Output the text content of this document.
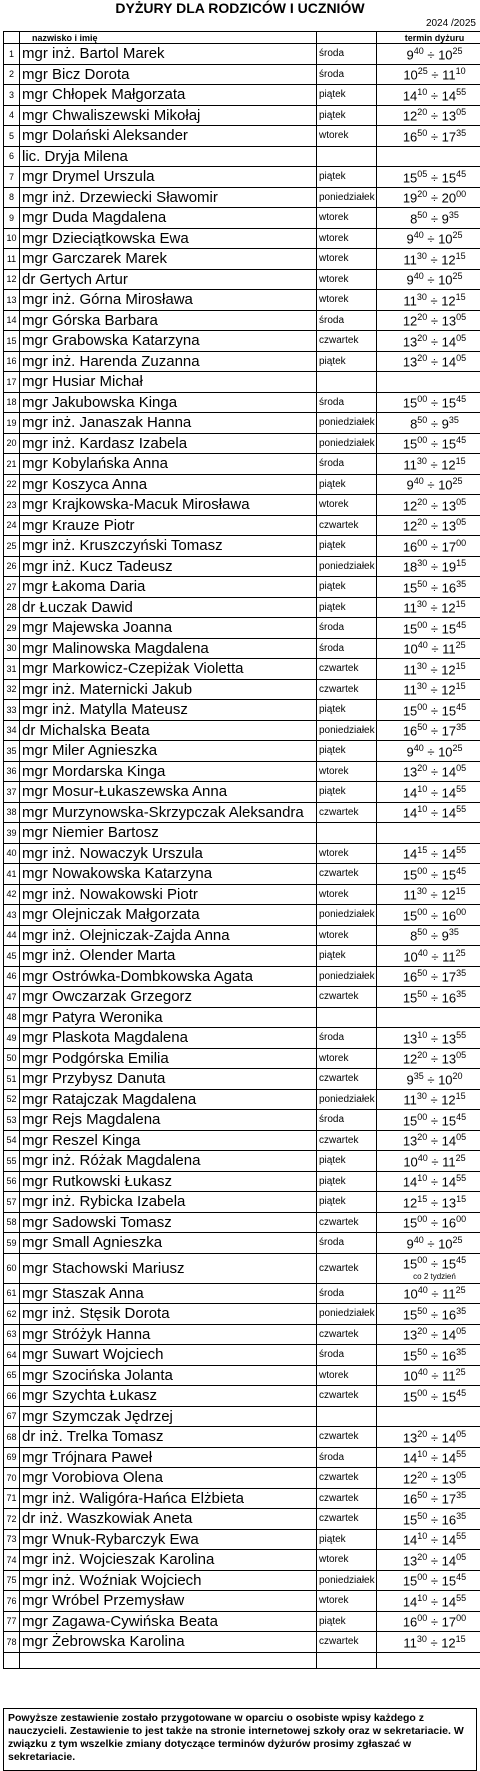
DYŻURY DLA RODZICÓW I UCZNIÓW
2024 /2025
	nazwisko i imię		termin dyżuru
1	mgr inż. Bartol Marek	środa	$9^{40} \div 10^{25}$
2	mgr Bicz Dorota	środa	$10^{25} \div 11^{10}$
3	mgr Chłopek Małgorzata	piątek	$14^{10} \div 14^{55}$
4	mgr Chwaliszewski Mikołaj	piątek	$12^{20} \div 13^{05}$
5	mgr Dolański Aleksander	wtorek	$16^{50} \div 17^{35}$
6	lic. Dryja Milena		
7	mgr Drymel Urszula	piątek	$15^{05} \div 15^{45}$
8	mgr inż. Drzewiecki Sławomir	poniedziałek	$19^{20} \div 20^{00}$
9	mgr Duda Magdalena	wtorek	$8^{50} \div 9^{35}$
10	mgr Dzieciątkowska Ewa	wtorek	$9^{40} \div 10^{25}$
11	mgr Garczarek Marek	wtorek	$11^{30} \div 12^{15}$
12	dr Gertych Artur	wtorek	$9^{40} \div 10^{25}$
13	mgr inż. Górna Mirosława	wtorek	$11^{30} \div 12^{15}$
14	mgr Górska Barbara	środa	$12^{20} \div 13^{05}$
15	mgr Grabowska Katarzyna	czwartek	$13^{20} \div 14^{05}$
16	mgr inż. Harenda Zuzanna	piątek	$13^{20} \div 14^{05}$
17	mgr Husiar Michał		
18	mgr Jakubowska Kinga	środa	$15^{00} \div 15^{45}$
19	mgr inż. Janaszak Hanna	poniedziałek	$8^{50} \div 9^{35}$
20	mgr inż. Kardasz Izabela	poniedziałek	$15^{00} \div 15^{45}$
21	mgr Kobylańska Anna	środa	$11^{30} \div 12^{15}$
22	mgr Koszyca Anna	piątek	$9^{40} \div 10^{25}$
23	mgr Krajkowska-Macuk Mirosława	wtorek	$12^{20} \div 13^{05}$
24	mgr Krauze Piotr	czwartek	$12^{20} \div 13^{05}$
25	mgr inż. Kruszczyński Tomasz	piątek	$16^{00} \div 17^{00}$
26	mgr inż. Kucz Tadeusz	poniedziałek	$18^{30} \div 19^{15}$
27	mgr Łakoma Daria	piątek	$15^{50} \div 16^{35}$
28	dr Łuczak Dawid	piątek	$11^{30} \div 12^{15}$
29	mgr Majewska Joanna	środa	$15^{00} \div 15^{45}$
30	mgr Malinowska Magdalena	środa	$10^{40} \div 11^{25}$
31	mgr Markowicz-Czepiżak Violetta	czwartek	$11^{30} \div 12^{15}$
32	mgr inż. Maternicki Jakub	czwartek	$11^{30} \div 12^{15}$
33	mgr inż. Matylla Mateusz	piątek	$15^{00} \div 15^{45}$
34	dr Michalska Beata	poniedziałek	$16^{50} \div 17^{35}$
35	mgr Miler Agnieszka	piątek	$9^{40} \div 10^{25}$
36	mgr Mordarska Kinga	wtorek	$13^{20} \div 14^{05}$
37	mgr Mosur-Łukaszewska Anna	piątek	$14^{10} \div 14^{55}$
38	mgr Murzynowska-Skrzypczak Aleksandra	czwartek	$14^{10} \div 14^{55}$
39	mgr Niemier Bartosz		
40	mgr inż. Nowaczyk Urszula	wtorek	$14^{15} \div 14^{55}$
41	mgr Nowakowska Katarzyna	czwartek	$15^{00} \div 15^{45}$
42	mgr inż. Nowakowski Piotr	wtorek	$11^{30} \div 12^{15}$
43	mgr Olejniczak Małgorzata	poniedziałek	$15^{00} \div 16^{00}$
44	mgr inż. Olejniczak-Zajda Anna	wtorek	$8^{50} \div 9^{35}$
45	mgr inż. Olender Marta	piątek	$10^{40} \div 11^{25}$
46	mgr Ostrówka-Dombkowska Agata	poniedziałek	$16^{50} \div 17^{35}$
47	mgr Owczarzak Grzegorz	czwartek	$15^{50} \div 16^{35}$
48	mgr Patyra Weronika		
49	mgr Plaskota Magdalena	środa	$13^{10} \div 13^{55}$
50	mgr Podgórska Emilia	wtorek	$12^{20} \div 13^{05}$
51	mgr Przybysz Danuta	czwartek	$9^{35} \div 10^{20}$
52	mgr Ratajczak Magdalena	poniedziałek	$11^{30} \div 12^{15}$
53	mgr Rejs Magdalena	środa	$15^{00} \div 15^{45}$
54	mgr Reszel Kinga	czwartek	$13^{20} \div 14^{05}$
55	mgr inż. Różak Magdalena	piątek	$10^{40} \div 11^{25}$
56	mgr Rutkowski Łukasz	piątek	$14^{10} \div 14^{55}$
57	mgr inż. Rybicka Izabela	piątek	$12^{15} \div 13^{15}$
58	mgr Sadowski Tomasz	czwartek	$15^{00} \div 16^{00}$
59	mgr Small Agnieszka	środa	$9^{40} \div 10^{25}$
60	mgr Stachowski Mariusz	czwartek	$15^{00} \div 15^{45}$
co 2 tydzień

61	mgr Staszak Anna	środa	$10^{40} \div 11^{25}$
62	mgr inż. Stęsik Dorota	poniedziałek	$15^{50} \div 16^{35}$
63	mgr Stróżyk Hanna	czwartek	$13^{20} \div 14^{05}$
64	mgr Suwart Wojciech	środa	$15^{50} \div 16^{35}$
65	mgr Szocińska Jolanta	wtorek	$10^{40} \div 11^{25}$
66	mgr Szychta Łukasz	czwartek	$15^{00} \div 15^{45}$
67	mgr Szymczak Jędrzej		
68	dr inż. Trelka Tomasz	czwartek	$13^{20} \div 14^{05}$
69	mgr Trójnara Paweł	środa	$14^{10} \div 14^{55}$
70	mgr Vorobiova Olena	czwartek	$12^{20} \div 13^{05}$
71	mgr inż. Waligóra-Hańca Elżbieta	czwartek	$16^{50} \div 17^{35}$
72	dr inż. Waszkowiak Aneta	czwartek	$15^{50} \div 16^{35}$
73	mgr Wnuk-Rybarczyk Ewa	piątek	$14^{10} \div 14^{55}$
74	mgr inż. Wojcieszak Karolina	wtorek	$13^{20} \div 14^{05}$
75	mgr inż. Woźniak Wojciech	poniedziałek	$15^{00} \div 15^{45}$
76	mgr Wróbel Przemysław	wtorek	$14^{10} \div 14^{55}$
77	mgr Zagawa-Cywińska Beata	piątek	$16^{00} \div 17^{00}$
78	mgr Żebrowska Karolina	czwartek	$11^{30} \div 12^{15}$

Powyższe zestawienie zostało przygotowane w oparciu o osobiste wpisy każdego z nauczycieli. Zestawienie to jest także na stronie internetowej szkoły oraz w sekretariacie. W związku z tym wszelkie zmiany dotyczące terminów dyżurów prosimy zgłaszać w sekretariacie.
